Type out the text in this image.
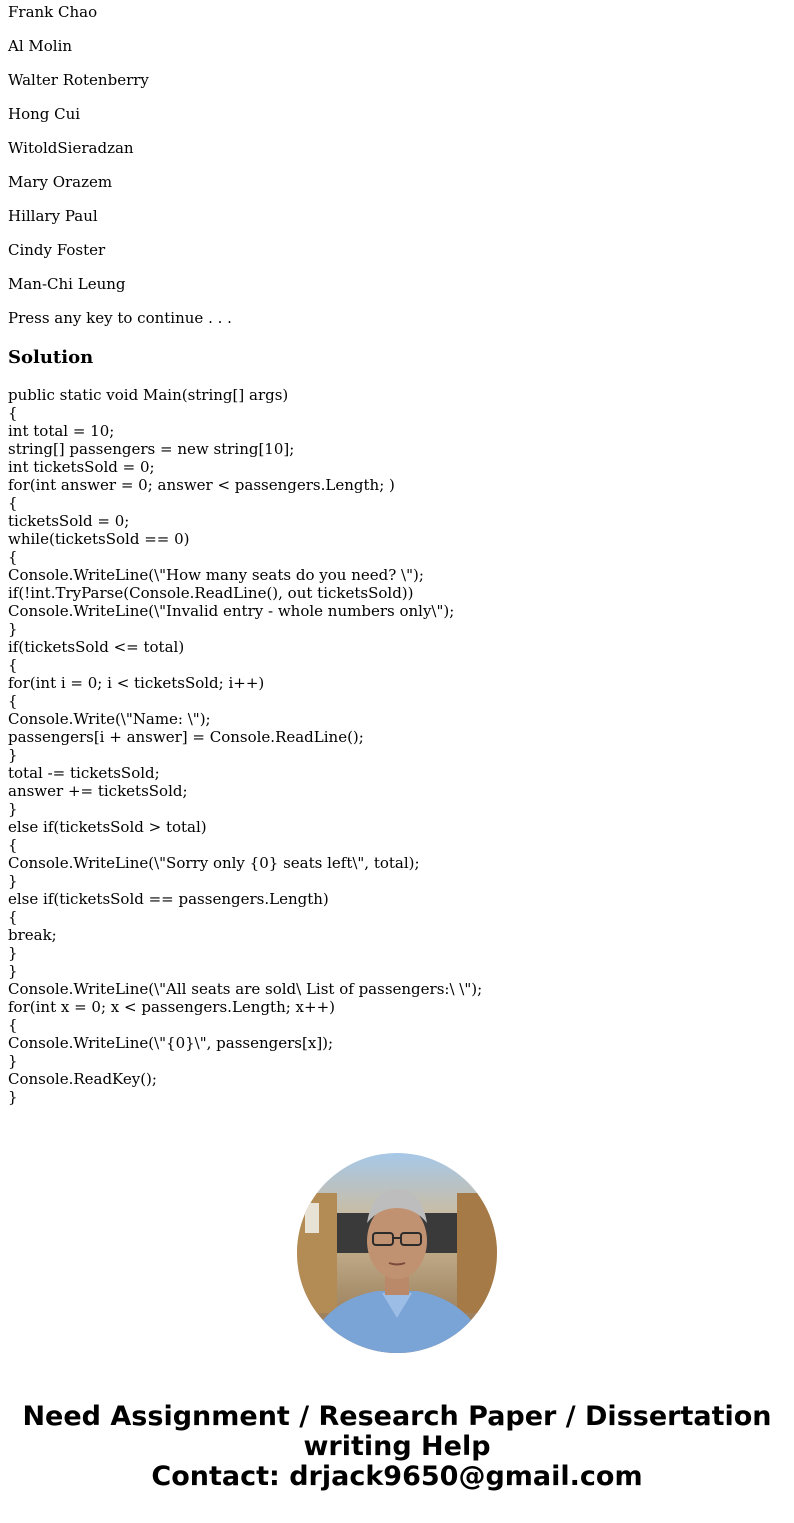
Frank Chao

Al Molin

Walter Rotenberry

Hong Cui

WitoldSieradzan

Mary Orazem

Hillary Paul

Cindy Foster

Man-Chi Leung

Press any key to continue . . .

Solution
public static void Main(string[] args)
{
int total = 10;
string[] passengers = new string[10];
int ticketsSold = 0;
for(int answer = 0; answer < passengers.Length; )
{
ticketsSold = 0;
while(ticketsSold == 0)
{
Console.WriteLine(\"How many seats do you need? \");
if(!int.TryParse(Console.ReadLine(), out ticketsSold))
Console.WriteLine(\"Invalid entry - whole numbers only\");
}
if(ticketsSold <= total)
{
for(int i = 0; i < ticketsSold; i++)
{
Console.Write(\"Name: \");
passengers[i + answer] = Console.ReadLine();
}
total -= ticketsSold;
answer += ticketsSold;
}
else if(ticketsSold > total)
{
Console.WriteLine(\"Sorry only {0} seats left\", total);
}
else if(ticketsSold == passengers.Length)
{
break;
}
}
Console.WriteLine(\"All seats are sold\ List of passengers:\ \");
for(int x = 0; x < passengers.Length; x++)
{
Console.WriteLine(\"{0}\", passengers[x]);
}
Console.ReadKey();
}
Need Assignment / Research Paper / Dissertation
writing Help
Contact: drjack9650@gmail.com
